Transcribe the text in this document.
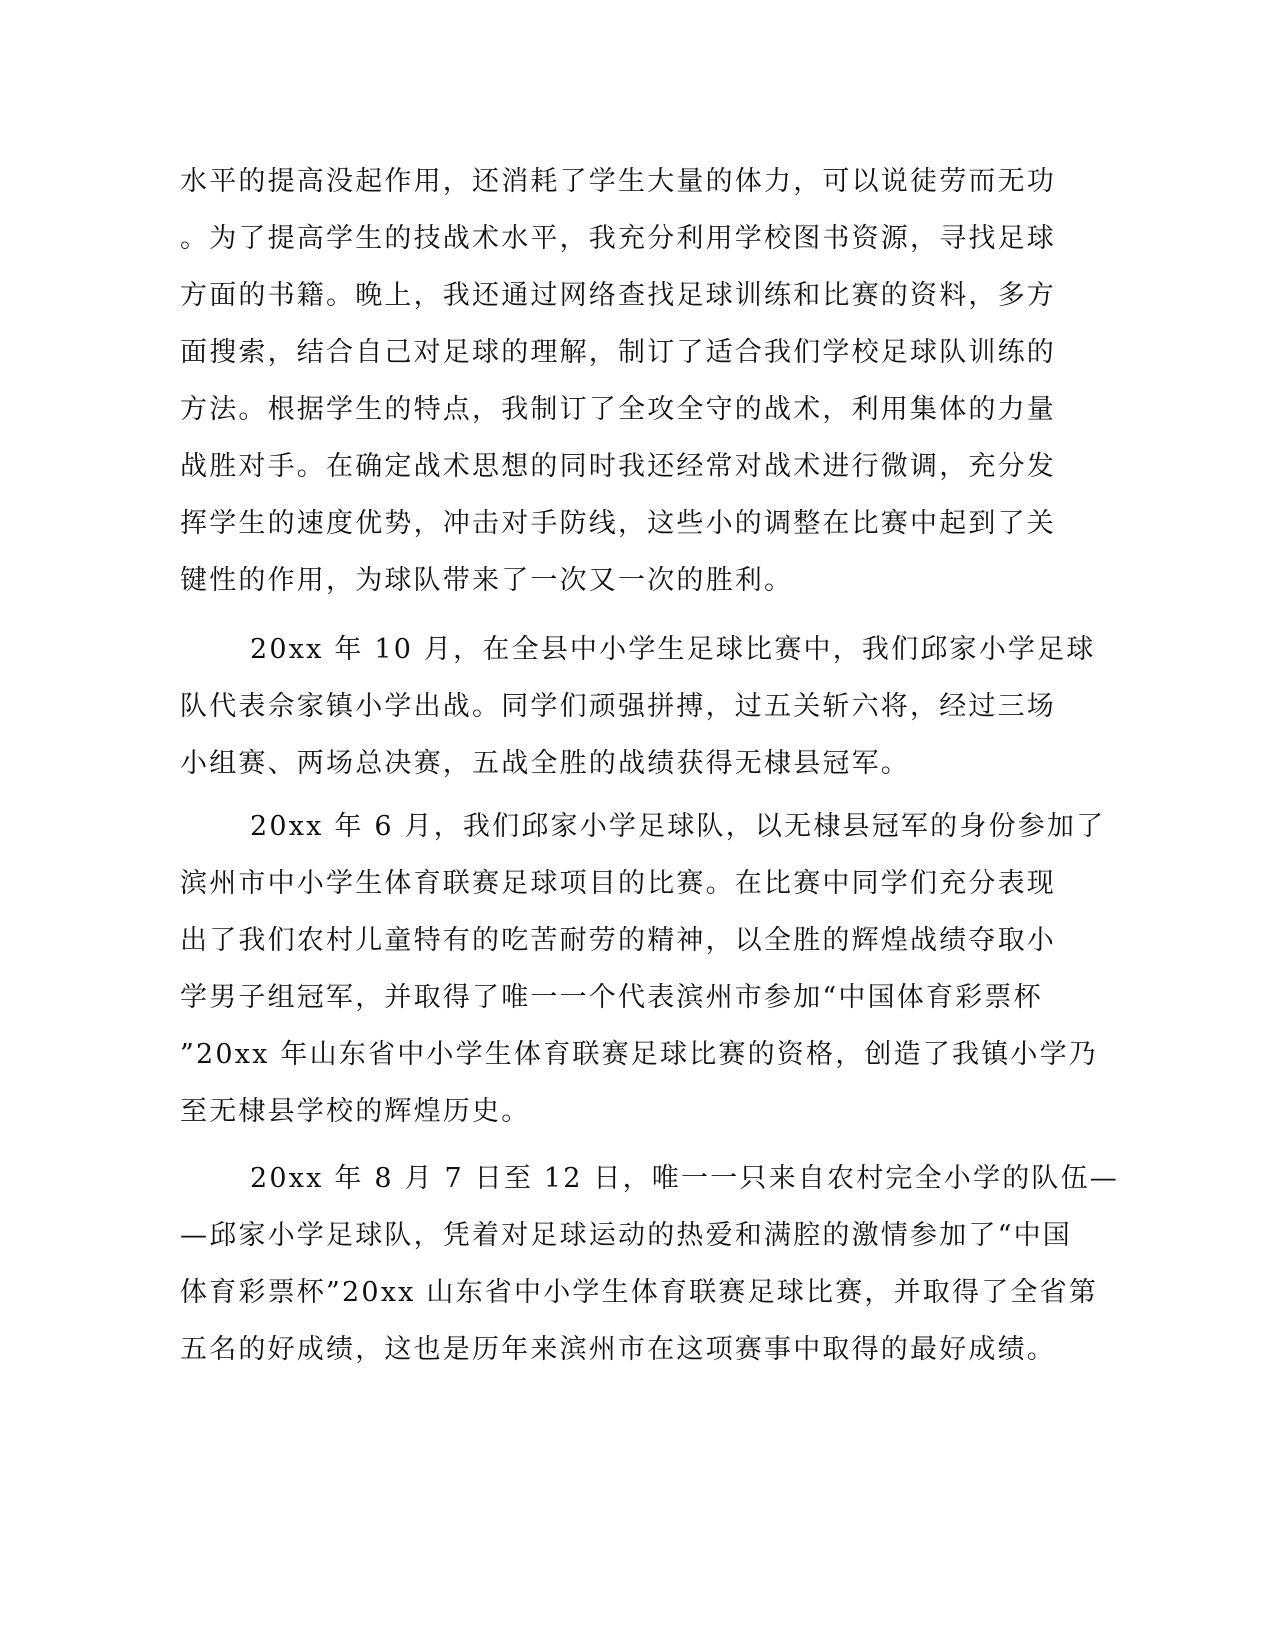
水平的提高没起作用，还消耗了学生大量的体力，可以说徒劳而无功
。为了提高学生的技战术水平，我充分利用学校图书资源，寻找足球
方面的书籍。晚上，我还通过网络查找足球训练和比赛的资料，多方
面搜索，结合自己对足球的理解，制订了适合我们学校足球队训练的
方法。根据学生的特点，我制订了全攻全守的战术，利用集体的力量
战胜对手。在确定战术思想的同时我还经常对战术进行微调，充分发
挥学生的速度优势，冲击对手防线，这些小的调整在比赛中起到了关
键性的作用，为球队带来了一次又一次的胜利。
20xx 年 10 月，在全县中小学生足球比赛中，我们邱家小学足球
队代表佘家镇小学出战。同学们顽强拼搏，过五关斩六将，经过三场
小组赛、两场总决赛，五战全胜的战绩获得无棣县冠军。
20xx 年 6 月，我们邱家小学足球队，以无棣县冠军的身份参加了
滨州市中小学生体育联赛足球项目的比赛。在比赛中同学们充分表现
出了我们农村儿童特有的吃苦耐劳的精神，以全胜的辉煌战绩夺取小
学男子组冠军，并取得了唯一一个代表滨州市参加“中国体育彩票杯
”20xx 年山东省中小学生体育联赛足球比赛的资格，创造了我镇小学乃
至无棣县学校的辉煌历史。
20xx 年 8 月 7 日至 12 日，唯一一只来自农村完全小学的队伍—
—邱家小学足球队，凭着对足球运动的热爱和满腔的激情参加了“中国
体育彩票杯”20xx 山东省中小学生体育联赛足球比赛，并取得了全省第
五名的好成绩，这也是历年来滨州市在这项赛事中取得的最好成绩。
